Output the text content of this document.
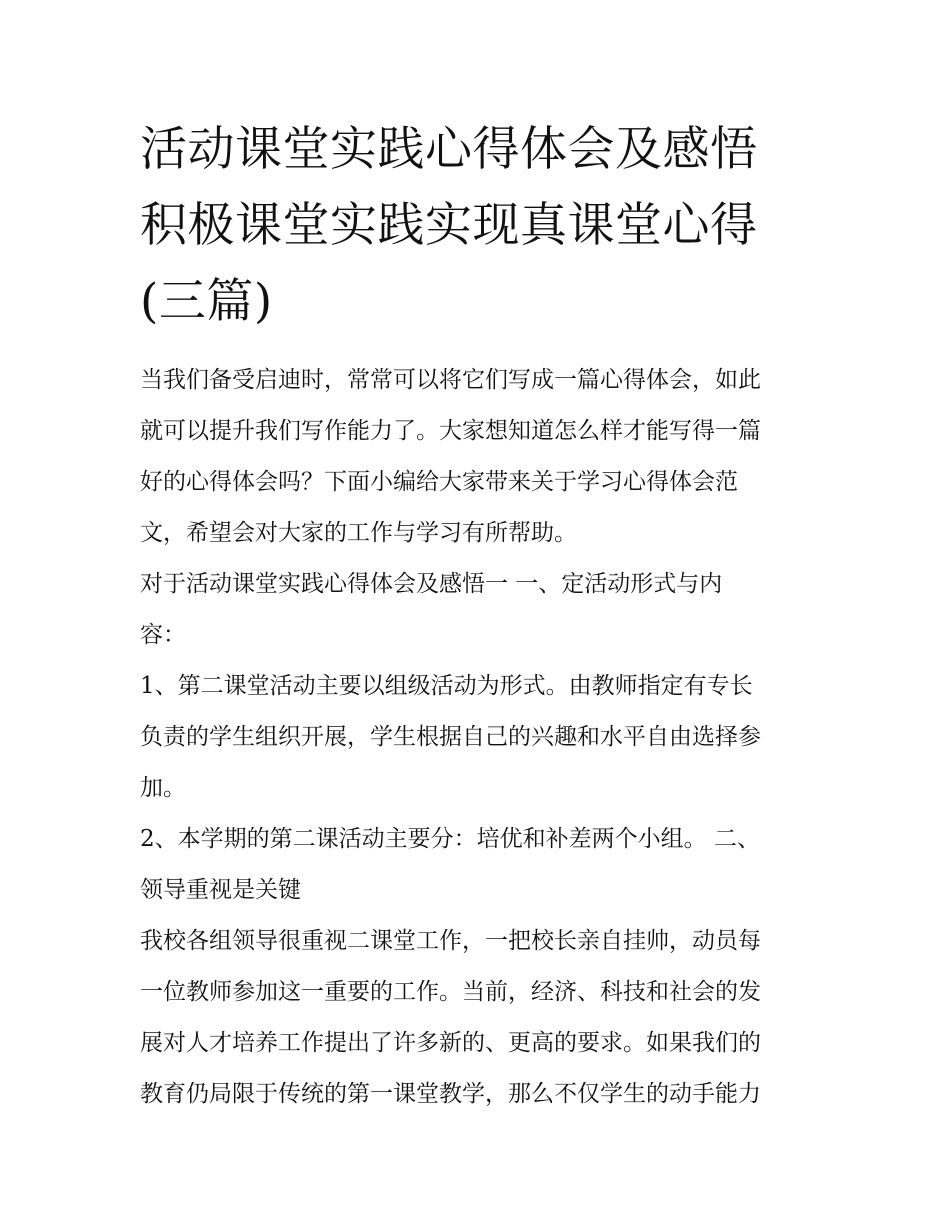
活动课堂实践心得体会及感悟
积极课堂实践实现真课堂心得
(三篇)

当我们备受启迪时，常常可以将它们写成一篇心得体会，如此
就可以提升我们写作能力了。大家想知道怎么样才能写得一篇
好的心得体会吗？下面小编给大家带来关于学习心得体会范
文，希望会对大家的工作与学习有所帮助。

对于活动课堂实践心得体会及感悟一 一、定活动形式与内
容：

1、第二课堂活动主要以组级活动为形式。由教师指定有专长
负责的学生组织开展，学生根据自己的兴趣和水平自由选择参
加。

2、本学期的第二课活动主要分：培优和补差两个小组。 二、
领导重视是关键

我校各组领导很重视二课堂工作，一把校长亲自挂帅，动员每
一位教师参加这一重要的工作。当前，经济、科技和社会的发
展对人才培养工作提出了许多新的、更高的要求。如果我们的
教育仍局限于传统的第一课堂教学，那么不仅学生的动手能力
